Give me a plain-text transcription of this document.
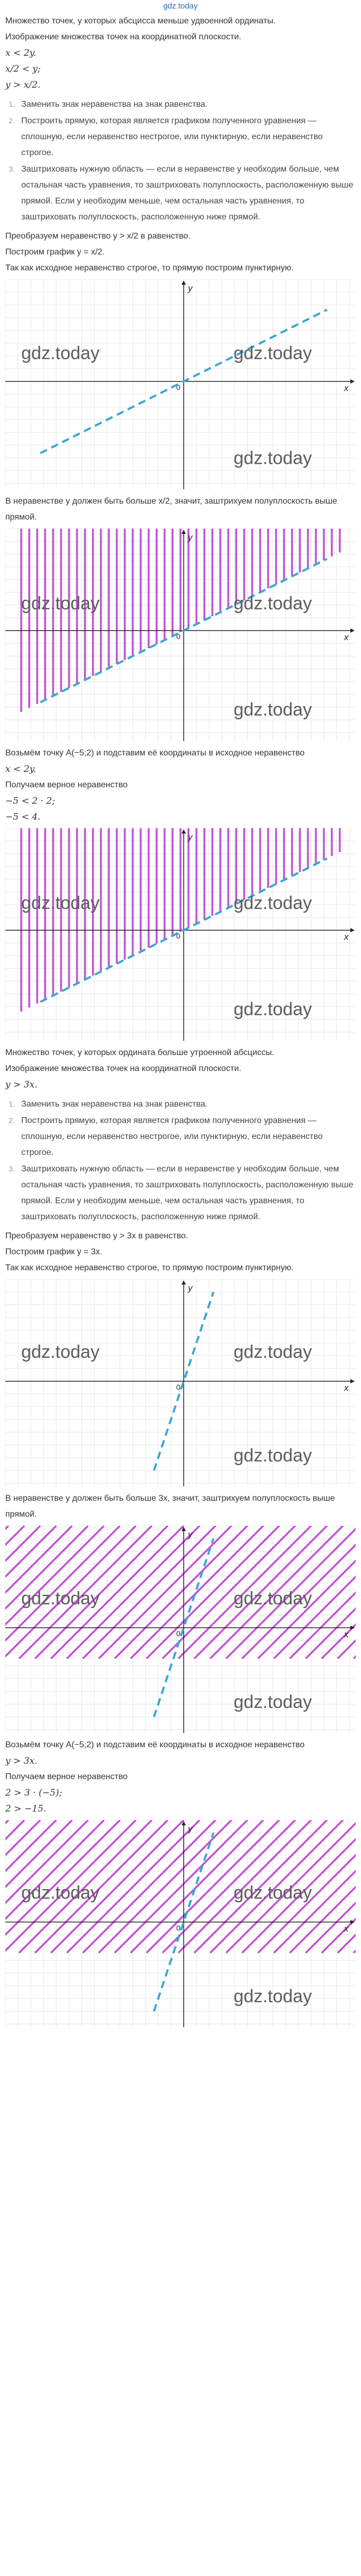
gdz.today

Множество точек, у которых абсцисса меньше удвоенной ординаты.

Изображение множества точек на координатной плоскости.

x < 2y.

x/2 < y;

y > x/2.

1. Заменить знак неравенства на знак равенства.
2. Построить прямую, которая является графиком полученного уравнения — сплошную, если неравенство нестрогое, или пунктирную, если неравенство строгое.
3. Заштриховать нужную область — если в неравенстве y необходим больше, чем остальная часть уравнения, то заштриховать полуплоскость, расположенную выше прямой. Если y необходим меньше, чем остальная часть уравнения, то заштриховать полуплоскость, расположенную ниже прямой.

Преобразуем неравенство y > x/2 в равенство.

Построим график y = x/2.

Так как исходное неравенство строгое, то прямую построим пунктирную.

x
y
0
gdz.today	gdz.today
gdz.today

В неравенстве y должен быть больше x/2, значит, заштрихуем полуплоскость выше прямой.

x
y
0
gdz.today	gdz.today
gdz.today

Возьмём точку A(−5;2) и подставим её координаты в исходное неравенство

x < 2y.

Получаем верное неравенство

−5 < 2 · 2;

−5 < 4.

x
y
0
gdz.today	gdz.today
gdz.today

Множество точек, у которых ордината больше утроенной абсциссы.

Изображение множества точек на координатной плоскости.

y > 3x.

1. Заменить знак неравенства на знак равенства.
2. Построить прямую, которая является графиком полученного уравнения — сплошную, если неравенство нестрогое, или пунктирную, если неравенство строгое.
3. Заштриховать нужную область — если в неравенстве y необходим больше, чем остальная часть уравнения, то заштриховать полуплоскость, расположенную выше прямой. Если y необходим меньше, чем остальная часть уравнения, то заштриховать полуплоскость, расположенную ниже прямой.

Преобразуем неравенство y > 3x в равенство.

Построим график y = 3x.

Так как исходное неравенство строгое, то прямую построим пунктирную.

x
y
0
gdz.today	gdz.today
gdz.today

В неравенстве y должен быть больше 3x, значит, заштрихуем полуплоскость выше прямой.

x
y
0
gdz.today	gdz.today
gdz.today

Возьмём точку A(−5;2) и подставим её координаты в исходное неравенство

y > 3x.

Получаем верное неравенство

2 > 3 · (−5);

2 > −15.

x
y
0
gdz.today	gdz.today
gdz.today
